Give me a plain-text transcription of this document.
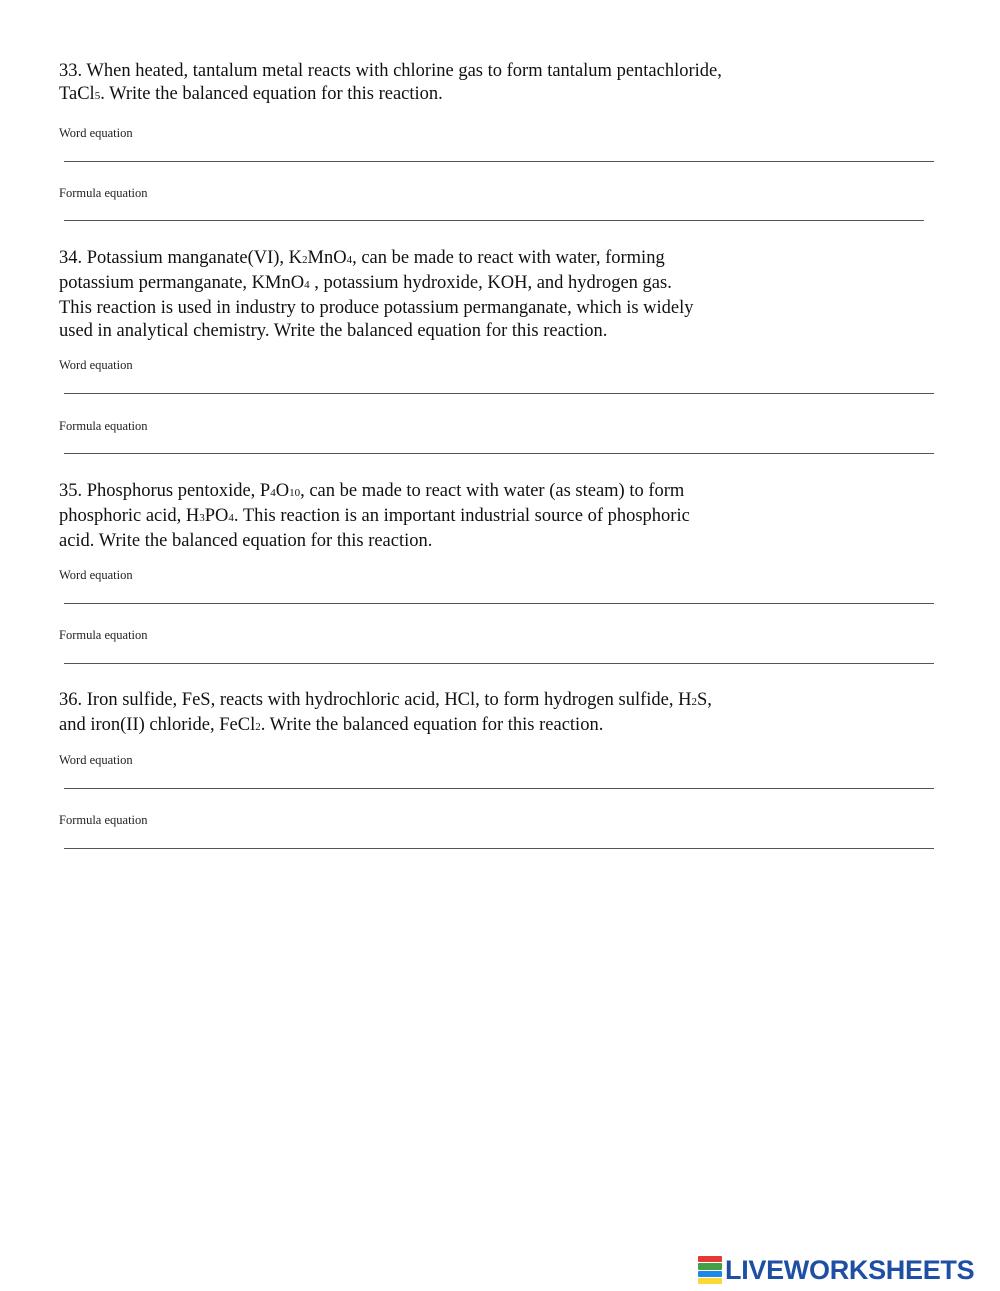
33. When heated, tantalum metal reacts with chlorine gas to form tantalum pentachloride,
TaCl5. Write the balanced equation for this reaction.
Word equation
Formula equation
34. Potassium manganate(VI), K2MnO4, can be made to react with water, forming
potassium permanganate, KMnO4 , potassium hydroxide, KOH, and hydrogen gas.
This reaction is used in industry to produce potassium permanganate, which is widely
used in analytical chemistry. Write the balanced equation for this reaction.
Word equation
Formula equation
35. Phosphorus pentoxide, P4O10, can be made to react with water (as steam) to form
phosphoric acid, H3PO4. This reaction is an important industrial source of phosphoric
acid. Write the balanced equation for this reaction.
Word equation
Formula equation
36. Iron sulfide, FeS, reacts with hydrochloric acid, HCl, to form hydrogen sulfide, H2S,
and iron(II) chloride, FeCl2. Write the balanced equation for this reaction.
Word equation
Formula equation
LIVEWORKSHEETS
